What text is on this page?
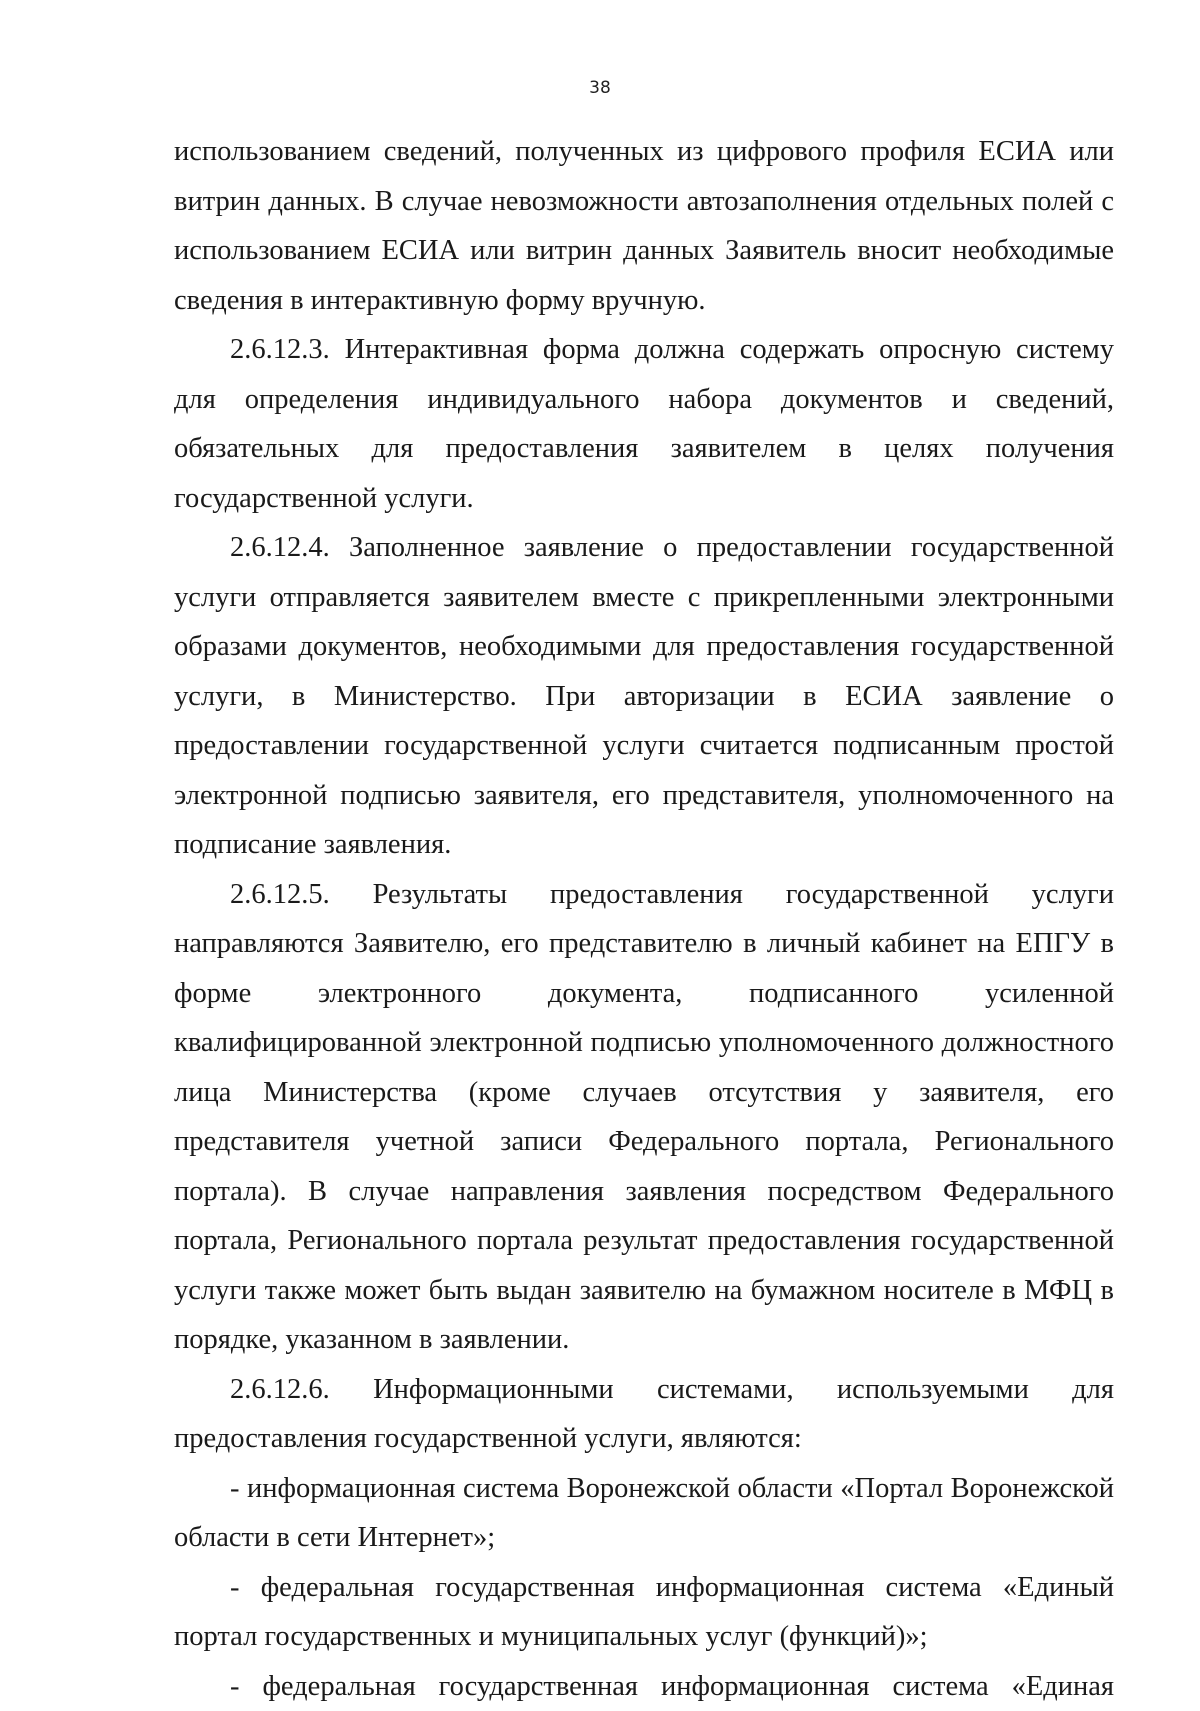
38

использованием сведений, полученных из цифрового профиля ЕСИА или витрин данных. В случае невозможности автозаполнения отдельных полей с использованием ЕСИА или витрин данных Заявитель вносит необходимые сведения в интерактивную форму вручную.

2.6.12.3. Интерактивная форма должна содержать опросную систему для определения индивидуального набора документов и сведений, обязательных для предоставления заявителем в целях получения государственной услуги.

2.6.12.4. Заполненное заявление о предоставлении государственной услуги отправляется заявителем вместе с прикрепленными электронными образами документов, необходимыми для предоставления государственной услуги, в Министерство. При авторизации в ЕСИА заявление о предоставлении государственной услуги считается подписанным простой электронной подписью заявителя, его представителя, уполномоченного на подписание заявления.

2.6.12.5. Результаты предоставления государственной услуги направляются Заявителю, его представителю в личный кабинет на ЕПГУ в форме электронного документа, подписанного усиленной квалифицированной электронной подписью уполномоченного должностного лица Министерства (кроме случаев отсутствия у заявителя, его представителя учетной записи Федерального портала, Регионального портала). В случае направления заявления посредством Федерального портала, Регионального портала результат предоставления государственной услуги также может быть выдан заявителю на бумажном носителе в МФЦ в порядке, указанном в заявлении.

2.6.12.6. Информационными системами, используемыми для предоставления государственной услуги, являются:

- информационная система Воронежской области «Портал Воронежской области в сети Интернет»;

- федеральная государственная информационная система «Единый портал государственных и муниципальных услуг (функций)»;

- федеральная государственная информационная система «Единая
